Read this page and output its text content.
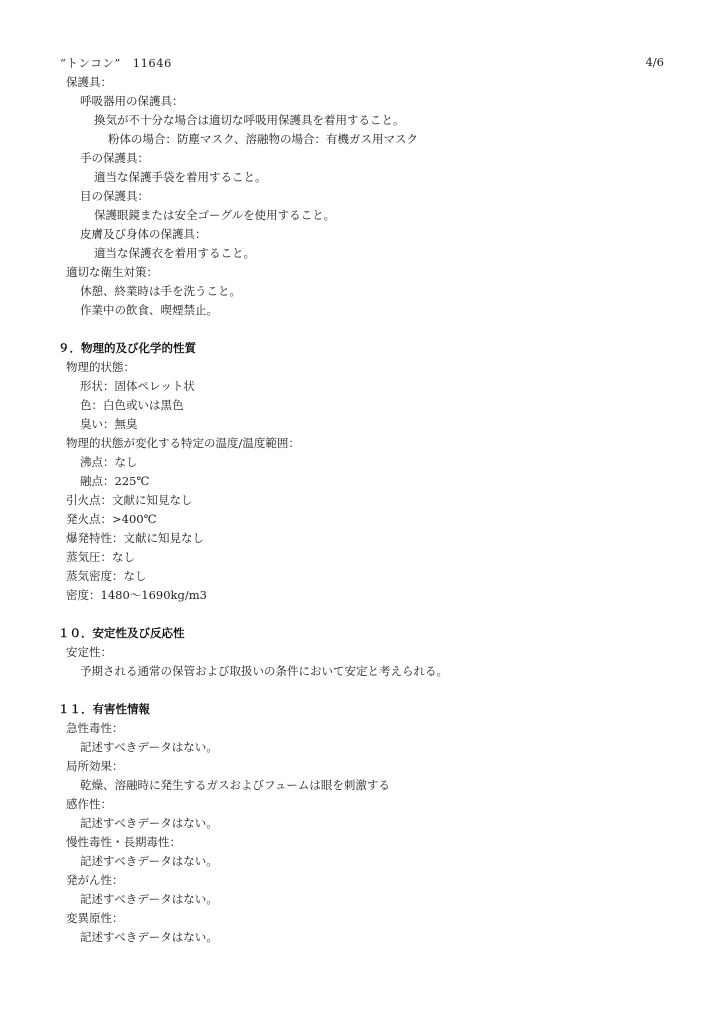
“トンコン”　11646	4/6
保護具：
呼吸器用の保護具：
換気が不十分な場合は適切な呼吸用保護具を着用すること。
粉体の場合：防塵マスク、溶融物の場合：有機ガス用マスク
手の保護具：
適当な保護手袋を着用すること。
目の保護具：
保護眼鏡または安全ゴーグルを使用すること。
皮膚及び身体の保護具：
適当な保護衣を着用すること。
適切な衛生対策：
休憩、終業時は手を洗うこと。
作業中の飲食、喫煙禁止。
９．物理的及び化学的性質
物理的状態：
形状：固体ペレット状
色：白色或いは黒色
臭い：無臭
物理的状態が変化する特定の温度/温度範囲：
沸点：なし
融点：225℃
引火点：文献に知見なし
発火点：>400℃
爆発特性：文献に知見なし
蒸気圧：なし
蒸気密度：なし
密度：1480～1690kg/m3
１０．安定性及び反応性
安定性：
予期される通常の保管および取扱いの条件において安定と考えられる。
１１．有害性情報
急性毒性：
記述すべきデータはない。
局所効果：
乾燥、溶融時に発生するガスおよびフュームは眼を刺激する
感作性：
記述すべきデータはない。
慢性毒性・長期毒性：
記述すべきデータはない。
発がん性：
記述すべきデータはない。
変異原性：
記述すべきデータはない。
